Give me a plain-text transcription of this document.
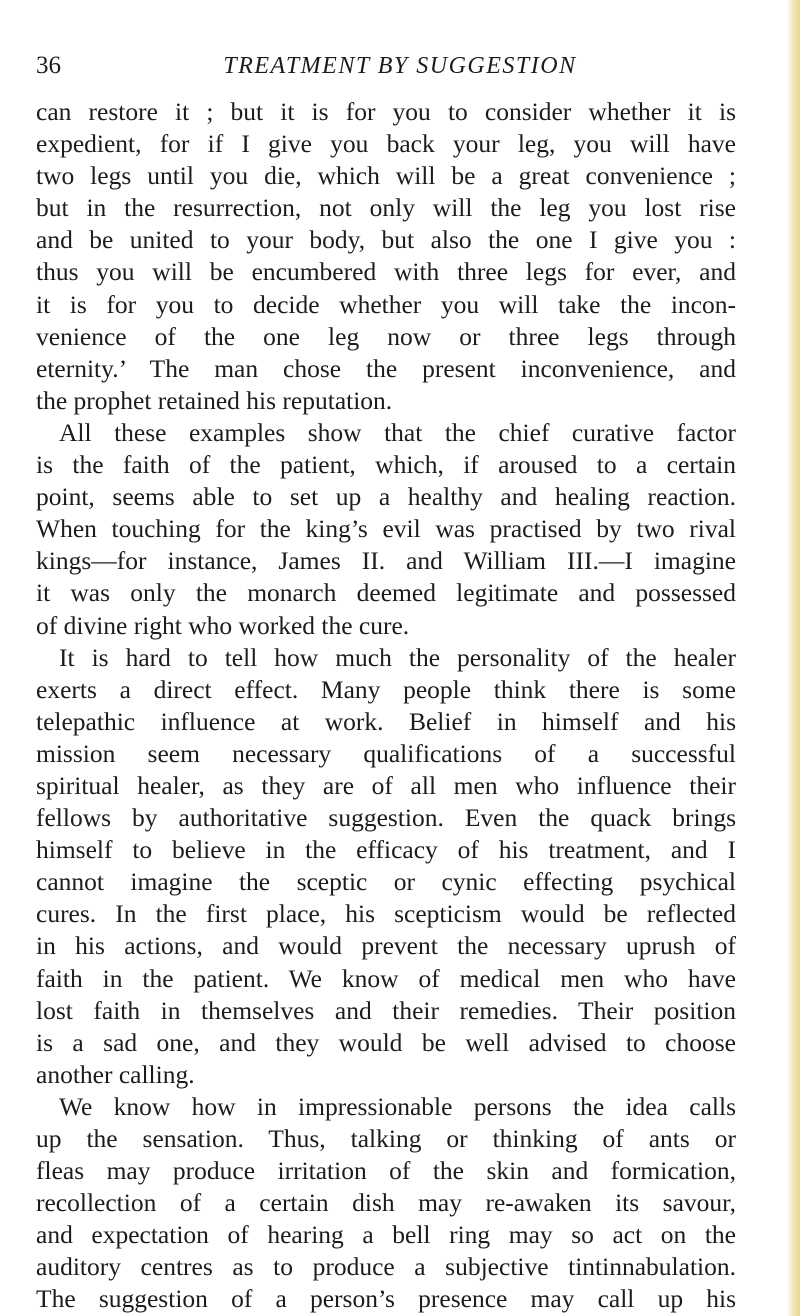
36	TREATMENT BY SUGGESTION
can restore it ; but it is for you to consider whether it is
expedient, for if I give you back your leg, you will have
two legs until you die, which will be a great convenience ;
but in the resurrection, not only will the leg you lost rise
and be united to your body, but also the one I give you :
thus you will be encumbered with three legs for ever, and
it is for you to decide whether you will take the incon-
venience of the one leg now or three legs through
eternity.’ The man chose the present inconvenience, and
the prophet retained his reputation.
All these examples show that the chief curative factor
is the faith of the patient, which, if aroused to a certain
point, seems able to set up a healthy and healing reaction.
When touching for the king’s evil was practised by two rival
kings—for instance, James II. and William III.—I imagine
it was only the monarch deemed legitimate and possessed
of divine right who worked the cure.
It is hard to tell how much the personality of the healer
exerts a direct effect. Many people think there is some
telepathic influence at work. Belief in himself and his
mission seem necessary qualifications of a successful
spiritual healer, as they are of all men who influence their
fellows by authoritative suggestion. Even the quack brings
himself to believe in the efficacy of his treatment, and I
cannot imagine the sceptic or cynic effecting psychical
cures. In the first place, his scepticism would be reflected
in his actions, and would prevent the necessary uprush of
faith in the patient. We know of medical men who have
lost faith in themselves and their remedies. Their position
is a sad one, and they would be well advised to choose
another calling.
We know how in impressionable persons the idea calls
up the sensation. Thus, talking or thinking of ants or
fleas may produce irritation of the skin and formication,
recollection of a certain dish may re-awaken its savour,
and expectation of hearing a bell ring may so act on the
auditory centres as to produce a subjective tintinnabulation.
The suggestion of a person’s presence may call up his
